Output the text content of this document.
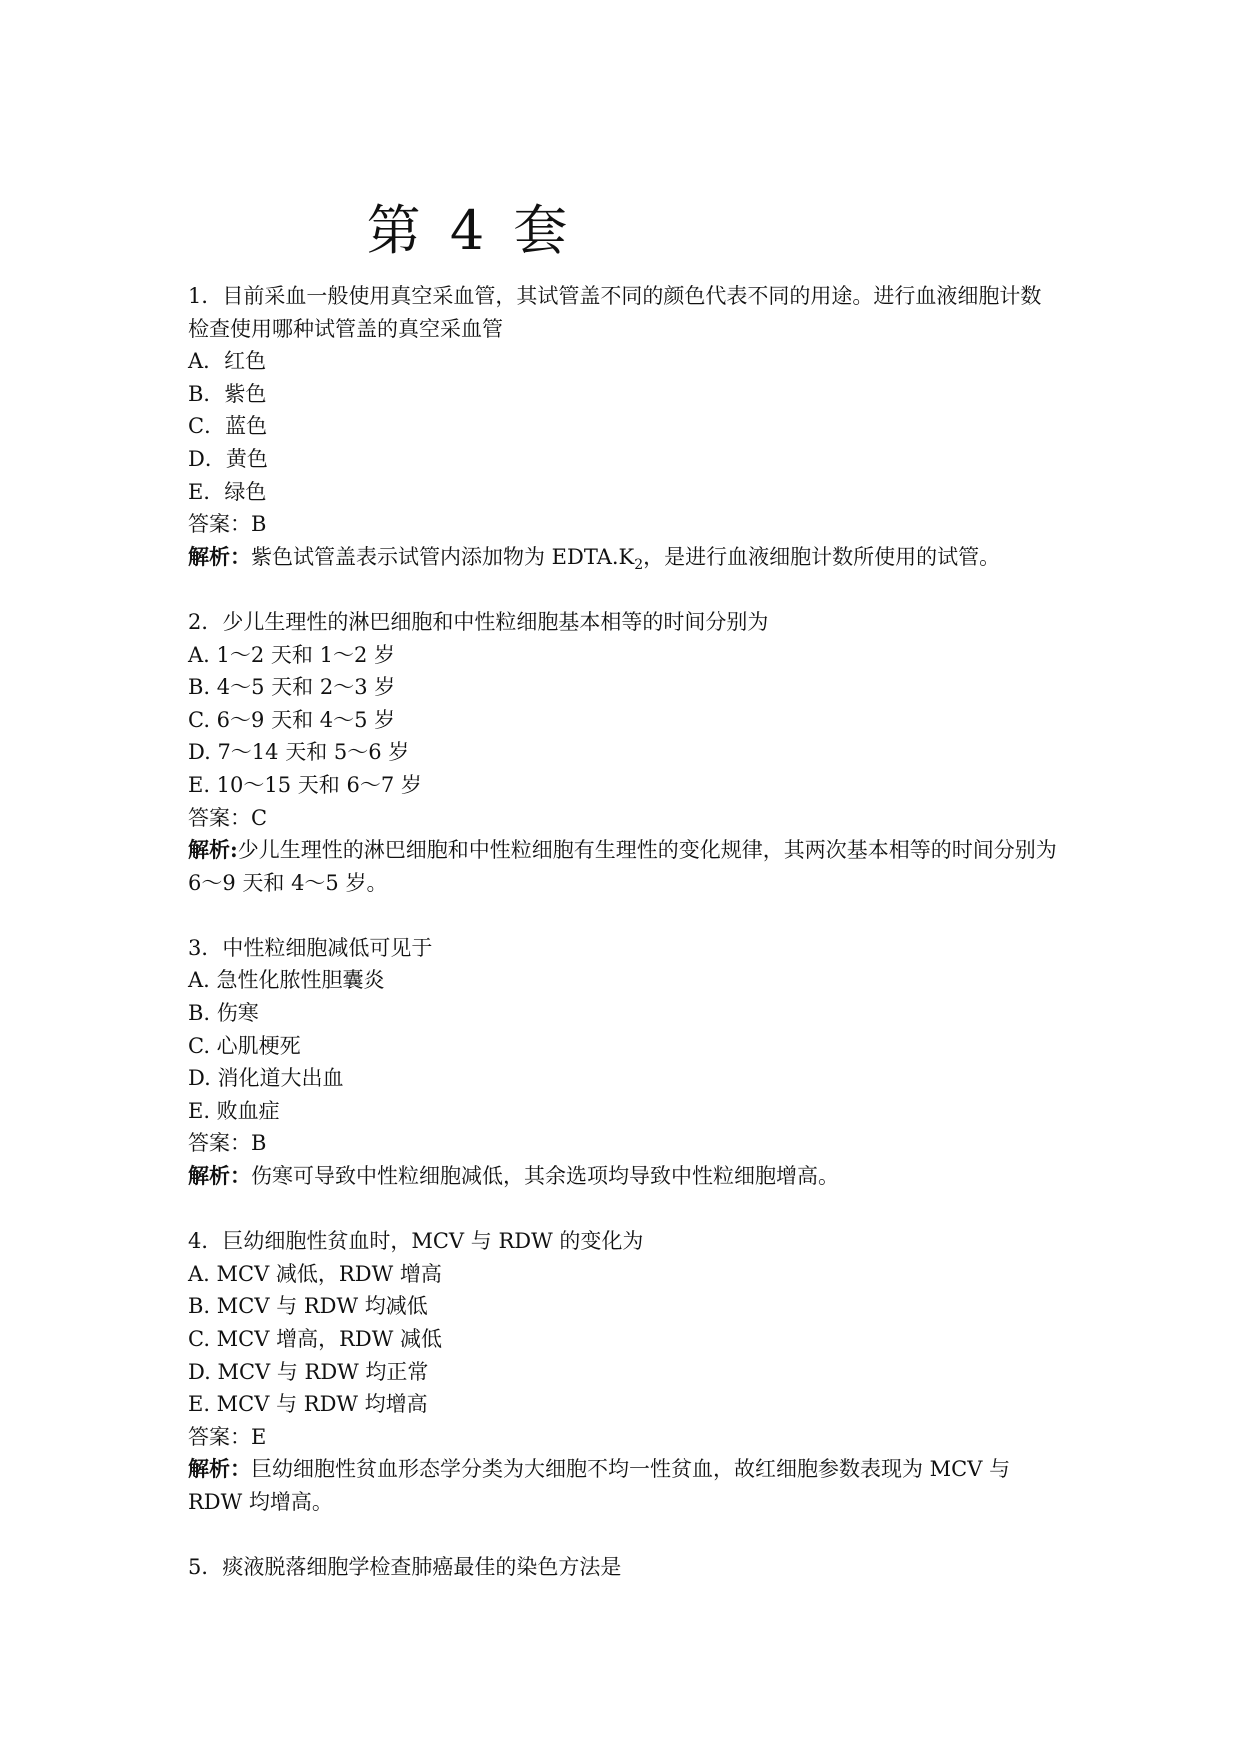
第 4 套
1．目前采血一般使用真空采血管，其试管盖不同的颜色代表不同的用途。进行血液细胞计数检查使用哪种试管盖的真空采血管
A．红色
B．紫色
C．蓝色
D．黄色
E．绿色
答案：B
解析：紫色试管盖表示试管内添加物为 $EDTA.K_2$，是进行血液细胞计数所使用的试管。
2．少儿生理性的淋巴细胞和中性粒细胞基本相等的时间分别为
A. 1～2 天和 1～2 岁
B. 4～5 天和 2～3 岁
C. 6～9 天和 4～5 岁
D. 7～14 天和 5～6 岁
E. 10～15 天和 6～7 岁
答案：C
解析:少儿生理性的淋巴细胞和中性粒细胞有生理性的变化规律，其两次基本相等的时间分别为 6～9 天和 4～5 岁。
3．中性粒细胞减低可见于
A. 急性化脓性胆囊炎
B. 伤寒
C. 心肌梗死
D. 消化道大出血
E. 败血症
答案：B
解析：伤寒可导致中性粒细胞减低，其余选项均导致中性粒细胞增高。
4．巨幼细胞性贫血时，MCV 与 RDW 的变化为
A. MCV 减低，RDW 增高
B. MCV 与 RDW 均减低
C. MCV 增高，RDW 减低
D. MCV 与 RDW 均正常
E. MCV 与 RDW 均增高
答案：E
解析：巨幼细胞性贫血形态学分类为大细胞不均一性贫血，故红细胞参数表现为 MCV 与 RDW 均增高。
5．痰液脱落细胞学检查肺癌最佳的染色方法是
